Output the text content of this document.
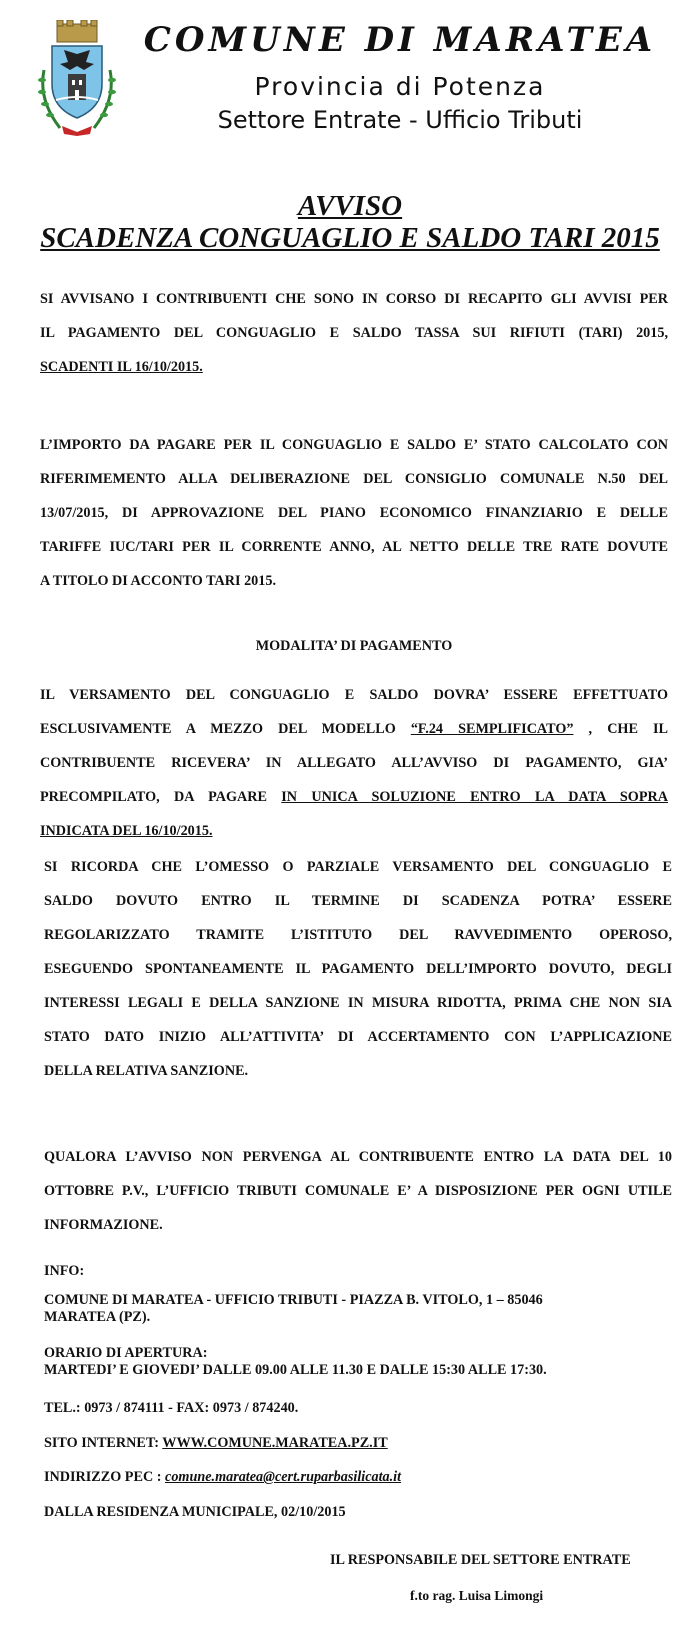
COMUNE DI MARATEA
Provincia di Potenza
Settore Entrate - Ufficio Tributi
AVVISO
SCADENZA CONGUAGLIO E SALDO TARI 2015
SI AVVISANO I CONTRIBUENTI CHE SONO IN CORSO DI RECAPITO GLI AVVISI PER
IL PAGAMENTO DEL CONGUAGLIO E SALDO TASSA SUI RIFIUTI (TARI) 2015,
SCADENTI IL 16/10/2015.
L’IMPORTO DA PAGARE PER IL CONGUAGLIO E SALDO E’ STATO CALCOLATO CON
RIFERIMEMENTO ALLA DELIBERAZIONE DEL CONSIGLIO COMUNALE N.50 DEL
13/07/2015, DI APPROVAZIONE DEL PIANO ECONOMICO FINANZIARIO E DELLE
TARIFFE IUC/TARI PER IL CORRENTE ANNO, AL NETTO DELLE TRE RATE DOVUTE
A TITOLO DI ACCONTO TARI 2015.
MODALITA’ DI PAGAMENTO
IL VERSAMENTO DEL CONGUAGLIO E SALDO DOVRA’ ESSERE EFFETTUATO
ESCLUSIVAMENTE A MEZZO DEL MODELLO “F.24 SEMPLIFICATO” , CHE IL
CONTRIBUENTE RICEVERA’ IN ALLEGATO ALL’AVVISO DI PAGAMENTO, GIA’
PRECOMPILATO, DA PAGARE IN UNICA SOLUZIONE ENTRO LA DATA SOPRA
INDICATA DEL 16/10/2015.
SI RICORDA CHE L’OMESSO O PARZIALE VERSAMENTO DEL CONGUAGLIO E
SALDO DOVUTO ENTRO IL TERMINE DI SCADENZA POTRA’ ESSERE
REGOLARIZZATO TRAMITE L’ISTITUTO DEL RAVVEDIMENTO OPEROSO,
ESEGUENDO SPONTANEAMENTE IL PAGAMENTO DELL’IMPORTO DOVUTO, DEGLI
INTERESSI LEGALI E DELLA SANZIONE IN MISURA RIDOTTA, PRIMA CHE NON SIA
STATO DATO INIZIO ALL’ATTIVITA’ DI ACCERTAMENTO CON L’APPLICAZIONE
DELLA RELATIVA SANZIONE.
QUALORA L’AVVISO NON PERVENGA AL CONTRIBUENTE ENTRO LA DATA DEL 10
OTTOBRE P.V., L’UFFICIO TRIBUTI COMUNALE E’ A DISPOSIZIONE PER OGNI UTILE
INFORMAZIONE.
INFO:
COMUNE DI MARATEA - UFFICIO TRIBUTI - PIAZZA B. VITOLO, 1 – 85046
MARATEA (PZ).
ORARIO DI APERTURA:
MARTEDI’ E GIOVEDI’ DALLE 09.00 ALLE 11.30 E DALLE 15:30 ALLE 17:30.
TEL.: 0973 / 874111 - FAX: 0973 / 874240.
SITO INTERNET: WWW.COMUNE.MARATEA.PZ.IT
INDIRIZZO PEC : comune.maratea@cert.ruparbasilicata.it
DALLA RESIDENZA MUNICIPALE, 02/10/2015
IL RESPONSABILE DEL SETTORE ENTRATE
f.to rag. Luisa Limongi
